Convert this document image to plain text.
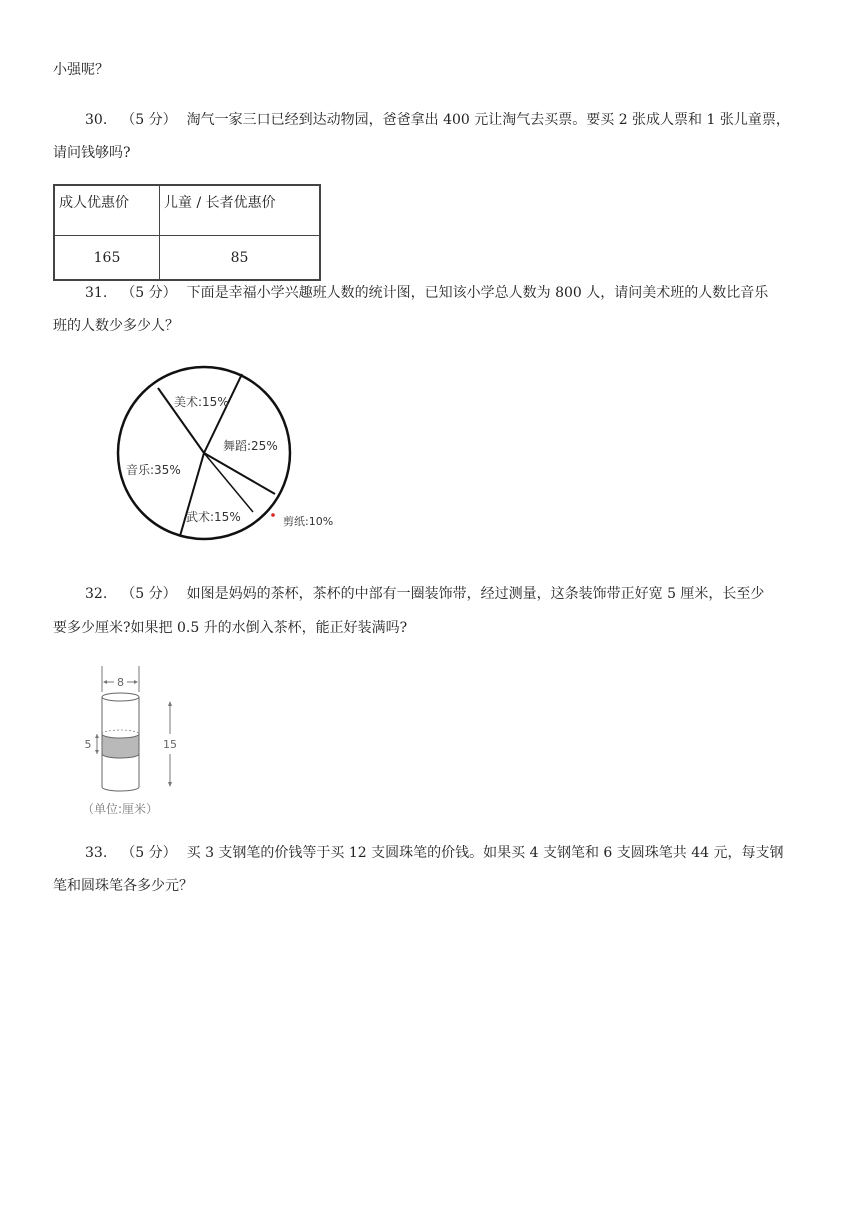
小强呢？
30. （5 分） 淘气一家三口已经到达动物园，爸爸拿出 400 元让淘气去买票。要买 2 张成人票和 1 张儿童票，
请问钱够吗?
成人优惠价	儿童 / 长者优惠价
165	85
31. （5 分） 下面是幸福小学兴趣班人数的统计图，已知该小学总人数为 800 人，请问美术班的人数比音乐
班的人数少多少人？
美术:15%
舞蹈:25%
剪纸:10%
武术:15%
音乐:35%
32. （5 分） 如图是妈妈的茶杯，茶杯的中部有一圈装饰带，经过测量，这条装饰带正好宽 5 厘米，长至少
要多少厘米?如果把 0.5 升的水倒入茶杯，能正好装满吗?
8
5	15
（单位:厘米）
33. （5 分） 买 3 支钢笔的价钱等于买 12 支圆珠笔的价钱。如果买 4 支钢笔和 6 支圆珠笔共 44 元，每支钢
笔和圆珠笔各多少元？
